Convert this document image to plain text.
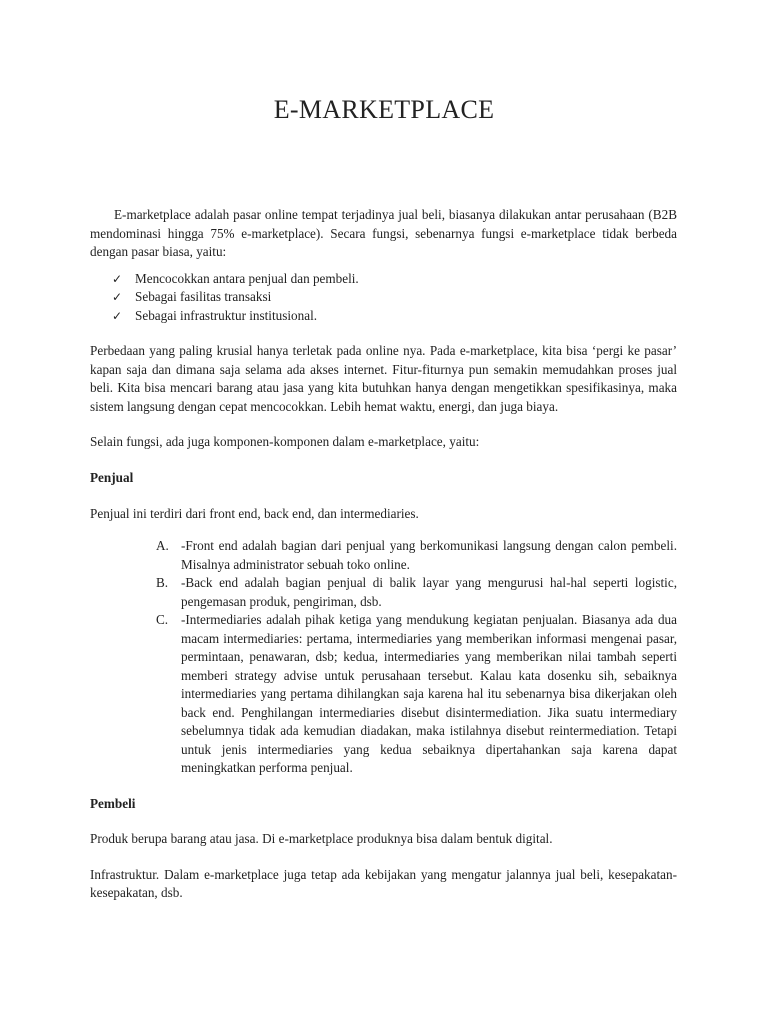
E-MARKETPLACE

E-marketplace adalah pasar online tempat terjadinya jual beli, biasanya dilakukan antar perusahaan (B2B mendominasi hingga 75% e-marketplace). Secara fungsi, sebenarnya fungsi e-marketplace tidak berbeda dengan pasar biasa, yaitu:

✓ Mencocokkan antara penjual dan pembeli.
✓ Sebagai fasilitas transaksi
✓ Sebagai infrastruktur institusional.

Perbedaan yang paling krusial hanya terletak pada online nya. Pada e-marketplace, kita bisa ‘pergi ke pasar’ kapan saja dan dimana saja selama ada akses internet. Fitur-fiturnya pun semakin memudahkan proses jual beli. Kita bisa mencari barang atau jasa yang kita butuhkan hanya dengan mengetikkan spesifikasinya, maka sistem langsung dengan cepat mencocokkan. Lebih hemat waktu, energi, dan juga biaya.

Selain fungsi, ada juga komponen-komponen dalam e-marketplace, yaitu:

Penjual

Penjual ini terdiri dari front end, back end, dan intermediaries.

A. -Front end adalah bagian dari penjual yang berkomunikasi langsung dengan calon pembeli. Misalnya administrator sebuah toko online.
B. -Back end adalah bagian penjual di balik layar yang mengurusi hal-hal seperti logistic, pengemasan produk, pengiriman, dsb.
C. -Intermediaries adalah pihak ketiga yang mendukung kegiatan penjualan. Biasanya ada dua macam intermediaries: pertama, intermediaries yang memberikan informasi mengenai pasar, permintaan, penawaran, dsb; kedua, intermediaries yang memberikan nilai tambah seperti memberi strategy advise untuk perusahaan tersebut. Kalau kata dosenku sih, sebaiknya intermediaries yang pertama dihilangkan saja karena hal itu sebenarnya bisa dikerjakan oleh back end. Penghilangan intermediaries disebut disintermediation. Jika suatu intermediary sebelumnya tidak ada kemudian diadakan, maka istilahnya disebut reintermediation. Tetapi untuk jenis intermediaries yang kedua sebaiknya dipertahankan saja karena dapat meningkatkan performa penjual.

Pembeli

Produk berupa barang atau jasa. Di e-marketplace produknya bisa dalam bentuk digital.

Infrastruktur. Dalam e-marketplace juga tetap ada kebijakan yang mengatur jalannya jual beli, kesepakatan-kesepakatan, dsb.
